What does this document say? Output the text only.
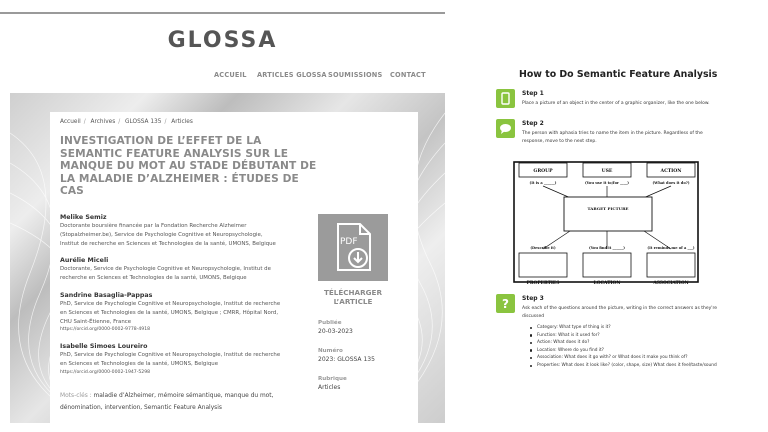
GLOSSA
ACCUEIL ARTICLES GLOSSA SOUMISSIONS CONTACT
Accueil / Archives / GLOSSA 135 / Articles
INVESTIGATION DE L’EFFET DE LA SEMANTIC FEATURE ANALYSIS SUR LE MANQUE DU MOT AU STADE DÉBUTANT DE LA MALADIE D’ALZHEIMER : ÉTUDES DE CAS
Melike Semiz
Doctorante boursière financée par la Fondation Recherche Alzheimer
(Stopalzheimer.be), Service de Psychologie Cognitive et Neuropsychologie,
Institut de recherche en Sciences et Technologies de la santé, UMONS, Belgique
Aurélie Miceli
Doctorante, Service de Psychologie Cognitive et Neuropsychologie, Institut de
recherche en Sciences et Technologies de la santé, UMONS, Belgique
Sandrine Basaglia-Pappas
PhD, Service de Psychologie Cognitive et Neuropsychologie, Institut de recherche
en Sciences et Technologies de la santé, UMONS, Belgique ; CMRR, Hôpital Nord,
CHU Saint-Étienne, France
https://orcid.org/0000-0002-9778-4918
Isabelle Simoes Loureiro
PhD, Service de Psychologie Cognitive et Neuropsychologie, Institut de recherche
en Sciences et Technologies de la santé, UMONS, Belgique
https://orcid.org/0000-0002-1947-5298
Mots-clés : maladie d’Alzheimer, mémoire sémantique, manque du mot,
dénomination, intervention, Semantic Feature Analysis
PDF
TÉLÉCHARGER
L’ARTICLE
Publiée
20-03-2023
Numéro
2023: GLOSSA 135
Rubrique
Articles
How to Do Semantic Feature Analysis
Step 1
Place a picture of an object in the center of a graphic organizer, like the one below.
Step 2
The person with aphasia tries to name the item in the picture. Regardless of the
response, move to the next step.
GROUP	USE	ACTION
(It is a ______)	(You use it to/for ____)	(What does it do?)
TARGET PICTURE
(Describe it)	(You find it ______)	(It reminds me of a ___)
PROPERTIES	LOCATION	ASSOCIATION
? Step 3
Ask each of the questions around the picture, writing in the correct answers as they're
discussed
Category: What type of thing is it?
Function: What is it used for?
Action: What does it do?
Location: Where do you find it?
Association: What does it go with? or What does it make you think of?
Properties: What does it look like? (color, shape, size) What does it feel/taste/sound
